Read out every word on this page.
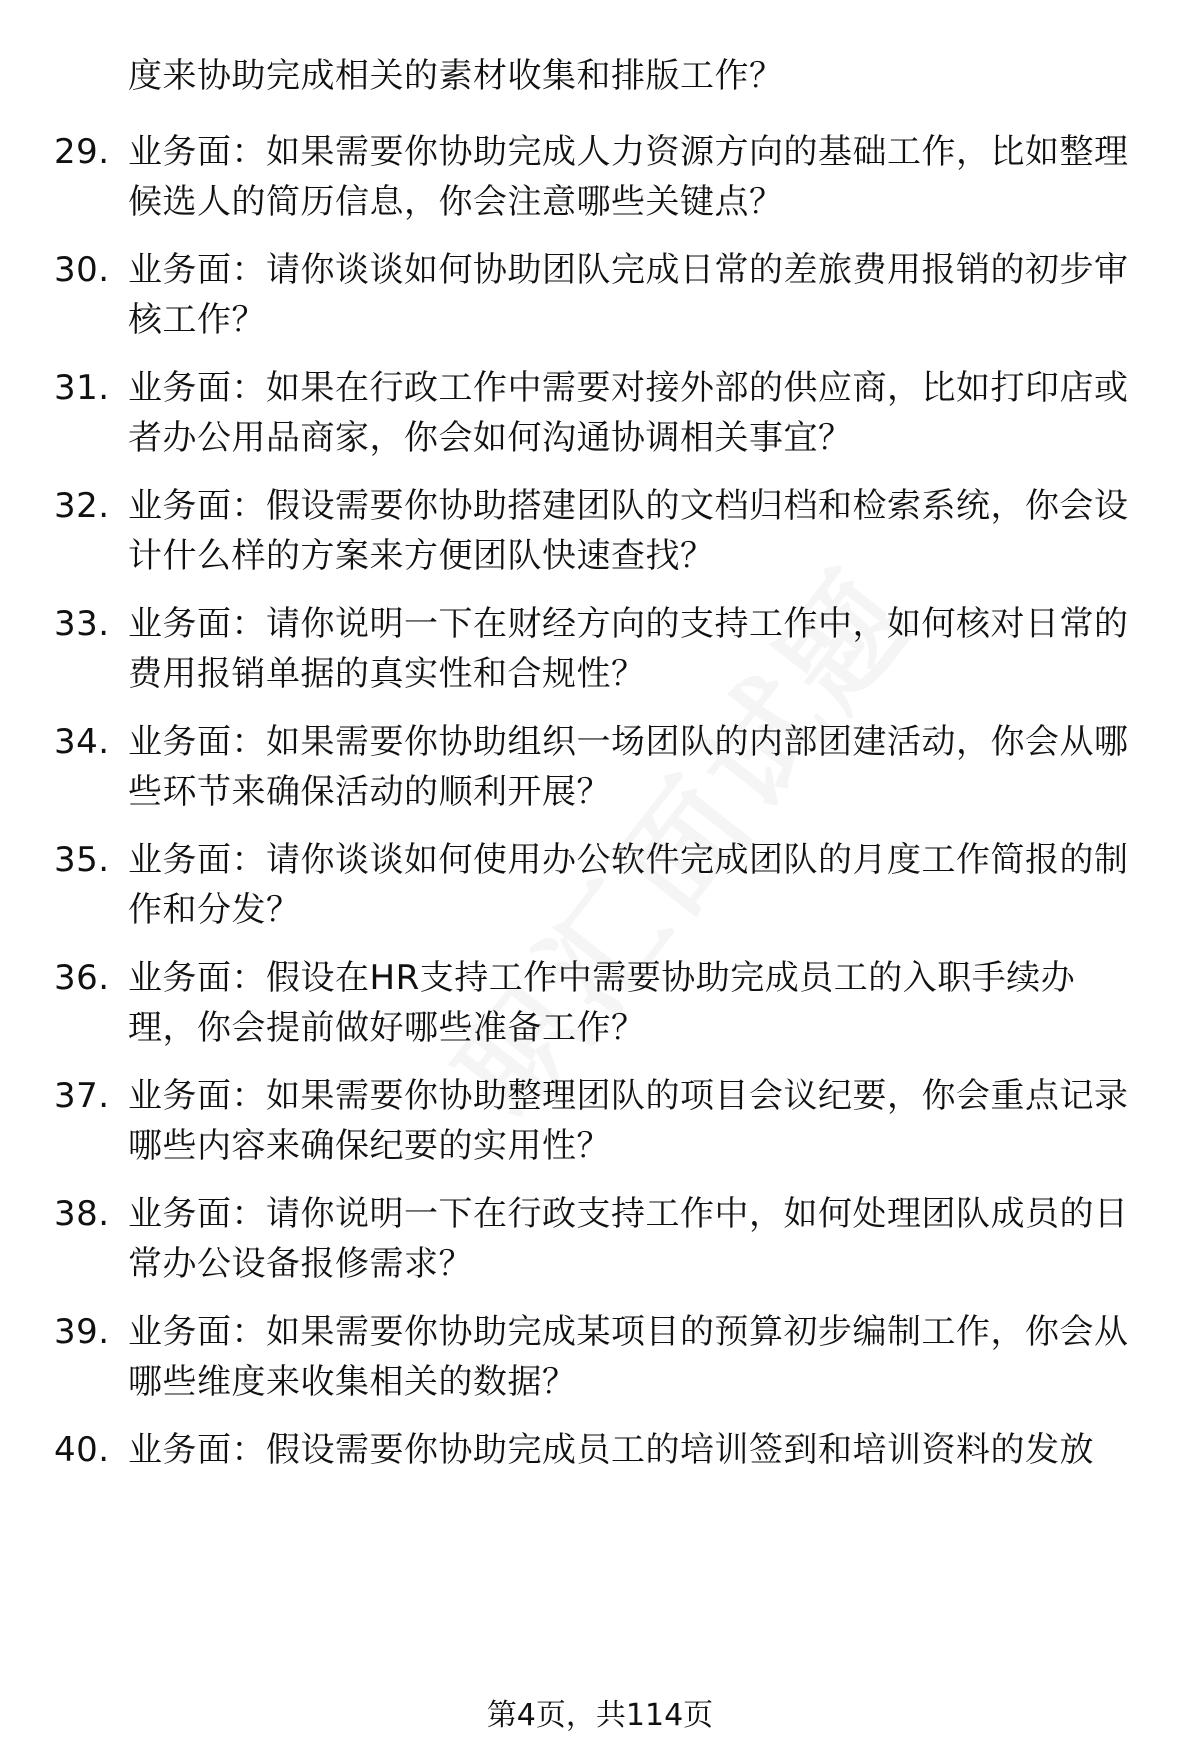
度来协助完成相关的素材收集和排版工作？
29. 业务面：如果需要你协助完成人力资源方向的基础工作，比如整理候选人的简历信息，你会注意哪些关键点？
30. 业务面：请你谈谈如何协助团队完成日常的差旅费用报销的初步审核工作？
31. 业务面：如果在行政工作中需要对接外部的供应商，比如打印店或者办公用品商家，你会如何沟通协调相关事宜？
32. 业务面：假设需要你协助搭建团队的文档归档和检索系统，你会设计什么样的方案来方便团队快速查找？
33. 业务面：请你说明一下在财经方向的支持工作中，如何核对日常的费用报销单据的真实性和合规性？
34. 业务面：如果需要你协助组织一场团队的内部团建活动，你会从哪些环节来确保活动的顺利开展？
35. 业务面：请你谈谈如何使用办公软件完成团队的月度工作简报的制作和分发？
36. 业务面：假设在HR支持工作中需要协助完成员工的入职手续办理，你会提前做好哪些准备工作？
37. 业务面：如果需要你协助整理团队的项目会议纪要，你会重点记录哪些内容来确保纪要的实用性？
38. 业务面：请你说明一下在行政支持工作中，如何处理团队成员的日常办公设备报修需求？
39. 业务面：如果需要你协助完成某项目的预算初步编制工作，你会从哪些维度来收集相关的数据？
40. 业务面：假设需要你协助完成员工的培训签到和培训资料的发放
第4页，共114页
